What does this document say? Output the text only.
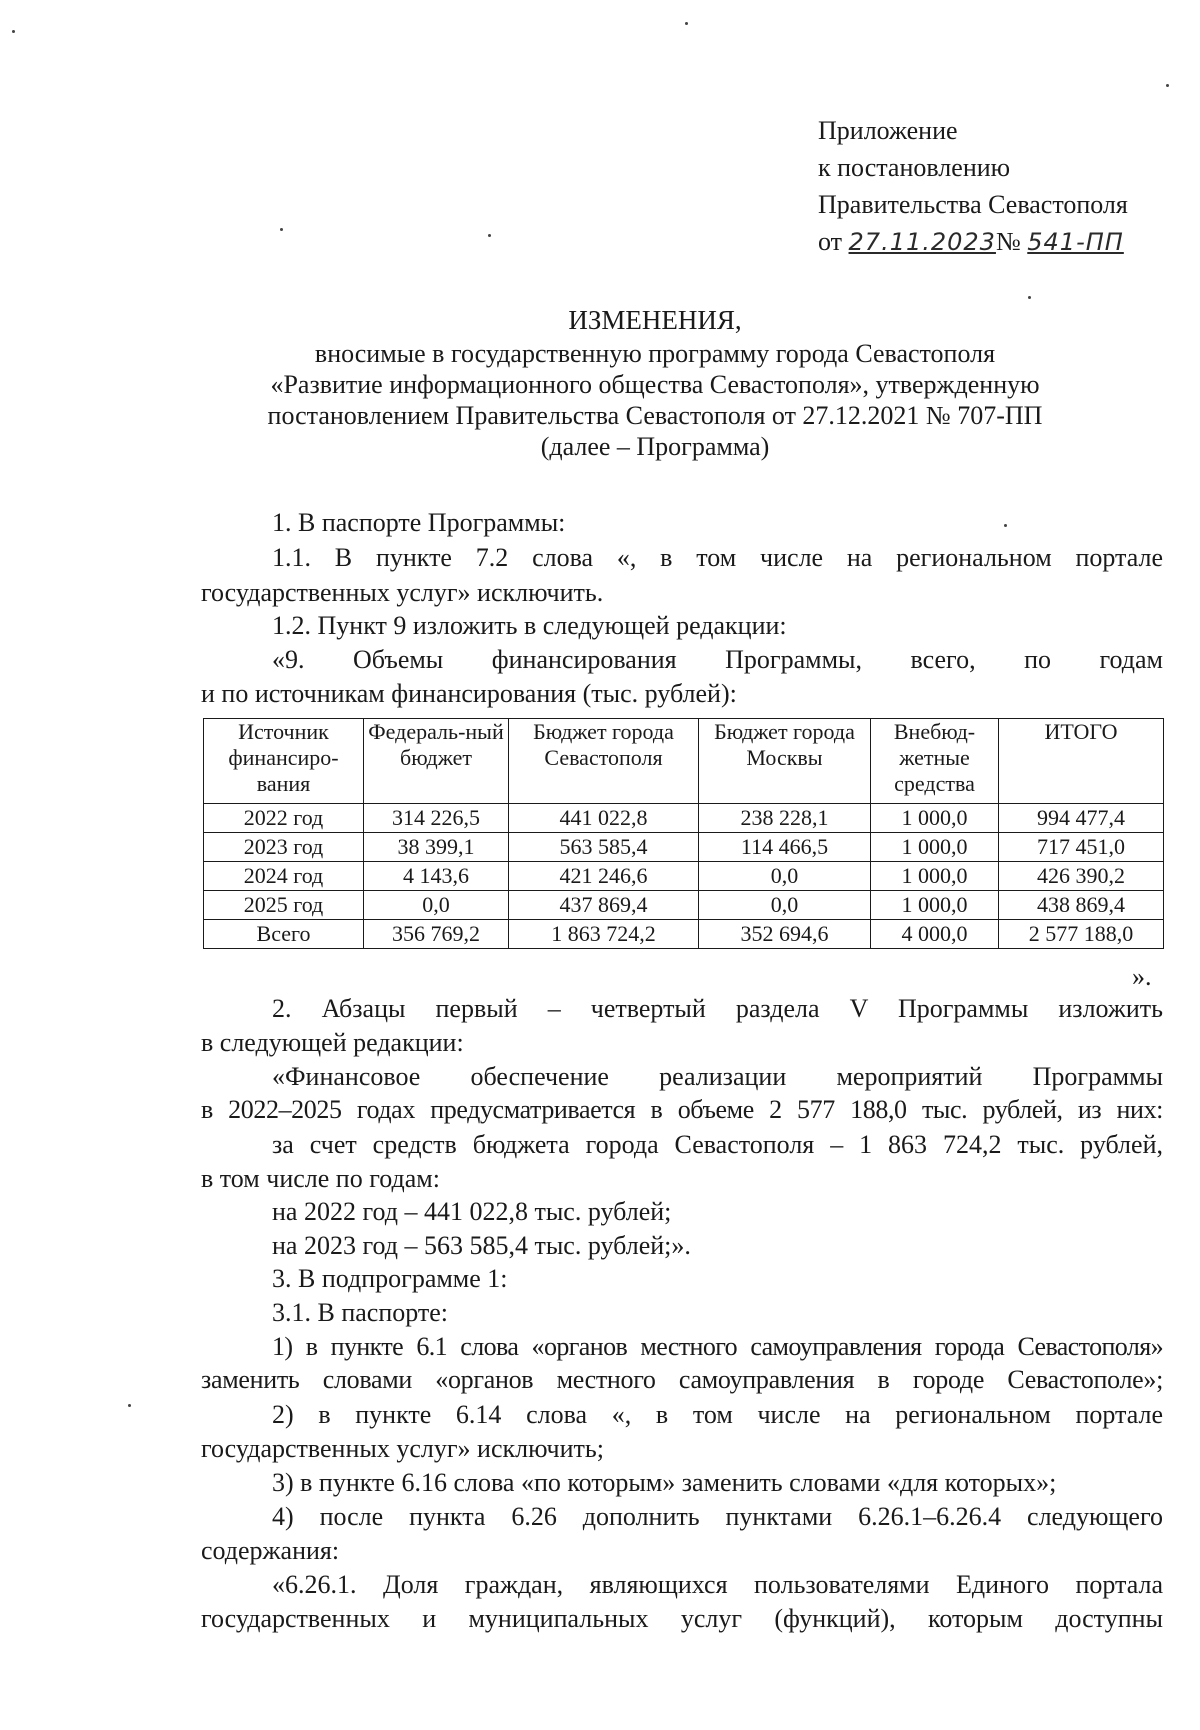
Приложение
к постановлению
Правительства Севастополя
от 27.11.2023№ 541-ПП
ИЗМЕНЕНИЯ,
вносимые в государственную программу города Севастополя
«Развитие информационного общества Севастополя», утвержденную
постановлением Правительства Севастополя от 27.12.2021 № 707-ПП
(далее – Программа)
1. В паспорте Программы:
1.1. В пункте 7.2 слова «, в том числе на региональном портале
государственных услуг» исключить.
1.2. Пункт 9 изложить в следующей редакции:
«9. Объемы финансирования Программы, всего, по годам
и по источникам финансирования (тыс. рублей):
Источник финансиро-вания	Федераль-ный бюджет	Бюджет города Севастополя	Бюджет города Москвы	Внебюд-жетные средства	ИТОГО
2022 год	314 226,5	441 022,8	238 228,1	1 000,0	994 477,4
2023 год	38 399,1	563 585,4	114 466,5	1 000,0	717 451,0
2024 год	4 143,6	421 246,6	0,0	1 000,0	426 390,2
2025 год	0,0	437 869,4	0,0	1 000,0	438 869,4
Всего	356 769,2	1 863 724,2	352 694,6	4 000,0	2 577 188,0
».
2. Абзацы первый – четвертый раздела V Программы изложить
в следующей редакции:
«Финансовое обеспечение реализации мероприятий Программы
в 2022–2025 годах предусматривается в объеме 2 577 188,0 тыс. рублей, из них:
за счет средств бюджета города Севастополя – 1 863 724,2 тыс. рублей,
в том числе по годам:
на 2022 год – 441 022,8 тыс. рублей;
на 2023 год – 563 585,4 тыс. рублей;».
3. В подпрограмме 1:
3.1. В паспорте:
1) в пункте 6.1 слова «органов местного самоуправления города Севастополя»
заменить словами «органов местного самоуправления в городе Севастополе»;
2) в пункте 6.14 слова «, в том числе на региональном портале
государственных услуг» исключить;
3) в пункте 6.16 слова «по которым» заменить словами «для которых»;
4) после пункта 6.26 дополнить пунктами 6.26.1–6.26.4 следующего
содержания:
«6.26.1. Доля граждан, являющихся пользователями Единого портала
государственных и муниципальных услуг (функций), которым доступны
